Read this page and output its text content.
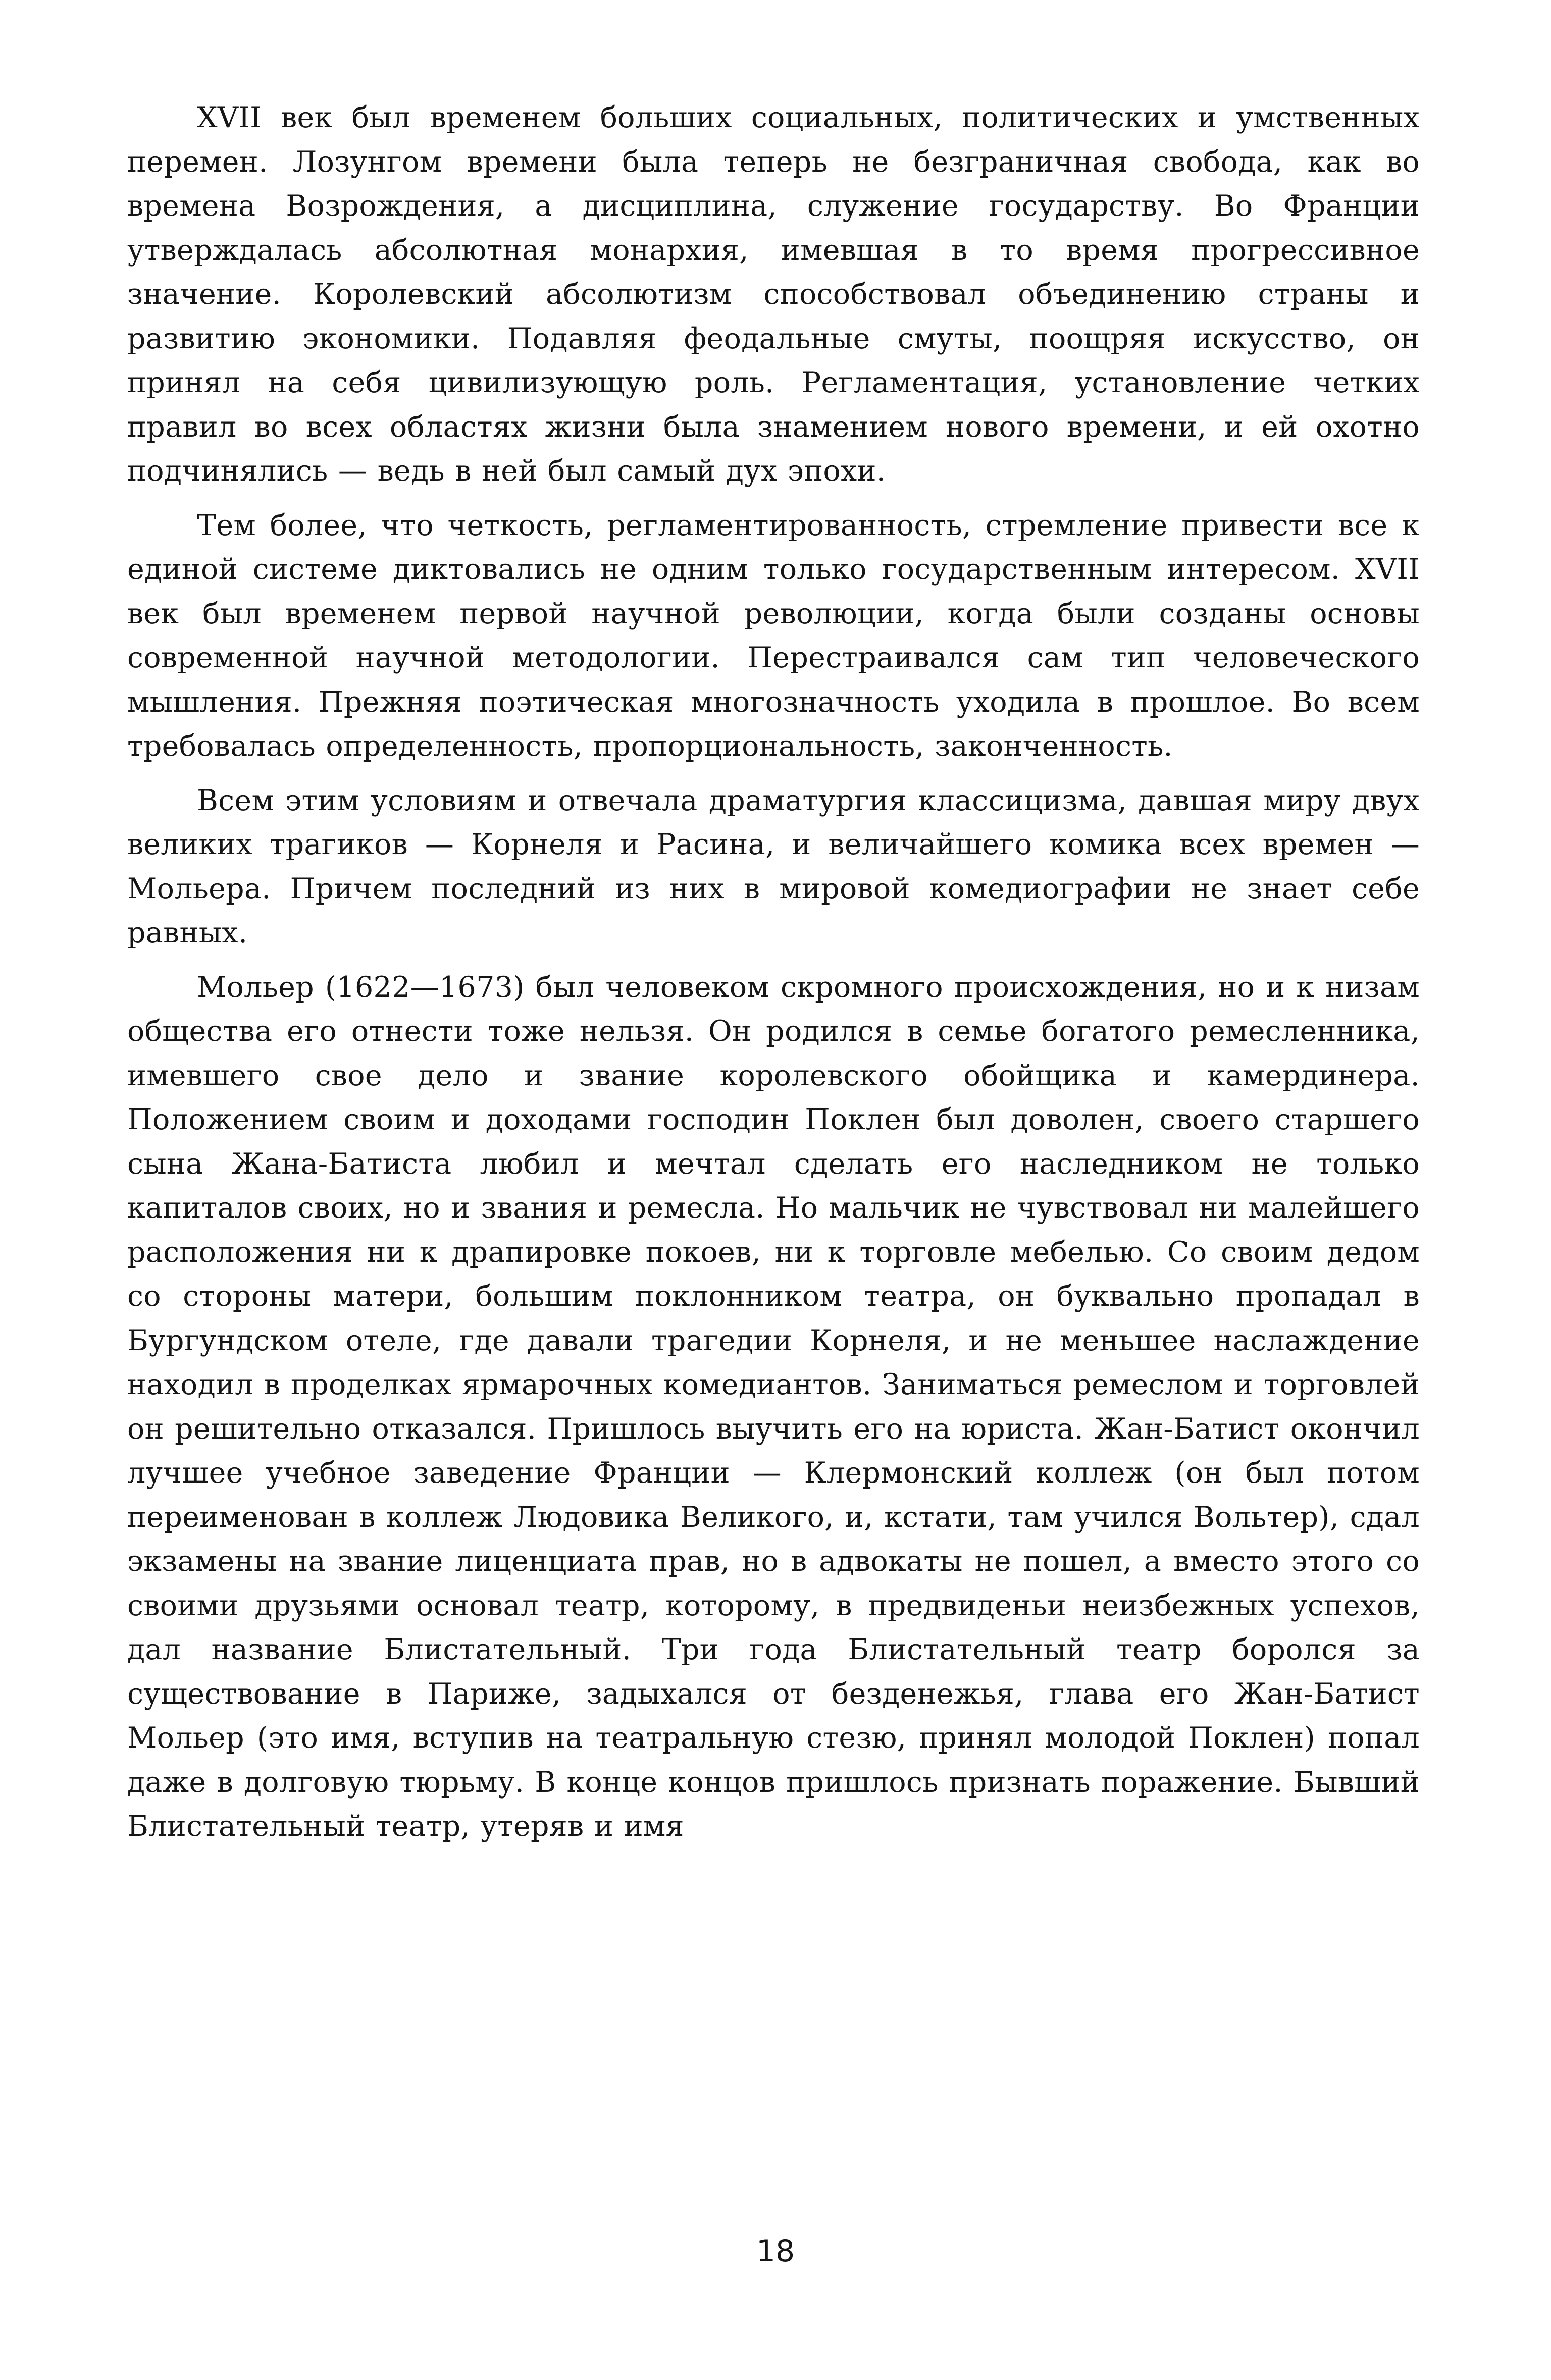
XVII век был временем больших социальных, политических и умственных перемен. Лозунгом времени была теперь не безграничная свобода, как во времена Возрождения, а дисциплина, служение государству. Во Франции утверждалась абсолютная монархия, имевшая в то время прогрессивное значение. Королевский абсолютизм способствовал объединению страны и развитию экономики. Подавляя феодальные смуты, поощряя искусство, он принял на себя цивилизующую роль. Регламентация, установление четких правил во всех областях жизни была знамением нового времени, и ей охотно подчинялись — ведь в ней был самый дух эпохи.

Тем более, что четкость, регламентированность, стремление привести все к единой системе диктовались не одним только государственным интересом. XVII век был временем первой научной революции, когда были созданы основы современной научной методологии. Перестраивался сам тип человеческого мышления. Прежняя поэтическая многозначность уходила в прошлое. Во всем требовалась определенность, пропорциональность, законченность.

Всем этим условиям и отвечала драматургия классицизма, давшая миру двух великих трагиков — Корнеля и Расина, и величайшего комика всех времен — Мольера. Причем последний из них в мировой комедиографии не знает себе равных.

Мольер (1622—1673) был человеком скромного происхождения, но и к низам общества его отнести тоже нельзя. Он родился в семье богатого ремесленника, имевшего свое дело и звание королевского обойщика и камердинера. Положением своим и доходами господин Поклен был доволен, своего старшего сына Жана-Батиста любил и мечтал сделать его наследником не только капиталов своих, но и звания и ремесла. Но мальчик не чувствовал ни малейшего расположения ни к драпировке покоев, ни к торговле мебелью. Со своим дедом со стороны матери, большим поклонником театра, он буквально пропадал в Бургундском отеле, где давали трагедии Корнеля, и не меньшее наслаждение находил в проделках ярмарочных комедиантов. Заниматься ремеслом и торговлей он решительно отказался. Пришлось выучить его на юриста. Жан-Батист окончил лучшее учебное заведение Франции — Клермонский коллеж (он был потом переименован в коллеж Людовика Великого, и, кстати, там учился Вольтер), сдал экзамены на звание лиценциата прав, но в адвокаты не пошел, а вместо этого со своими друзьями основал театр, которому, в предвиденьи неизбежных успехов, дал название Блистательный. Три года Блистательный театр боролся за существование в Париже, задыхался от безденежья, глава его Жан-Батист Мольер (это имя, вступив на театральную стезю, принял молодой Поклен) попал даже в долговую тюрьму. В конце концов пришлось признать поражение. Бывший Блистательный театр, утеряв и имя

18
